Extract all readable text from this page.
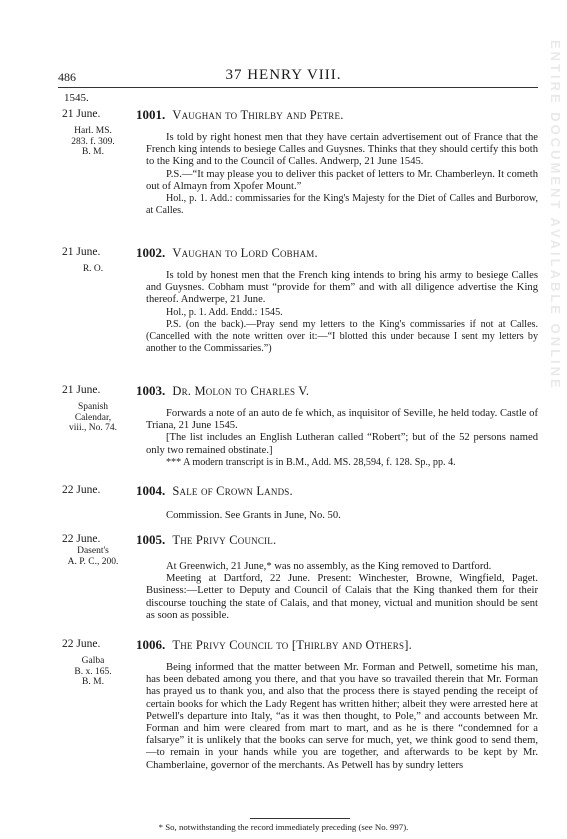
486	37 HENRY VIII.
1545.
21 June.
Harl. MS.
283. f. 309.
B. M.
1001. Vaughan to Thirlby and Petre.

Is told by right honest men that they have certain advertisement out of France that the French king intends to besiege Calles and Guysnes. Thinks that they should certify this both to the King and to the Council of Calles. Andwerp, 21 June 1545.

P.S.—“It may please you to deliver this packet of letters to Mr. Chamberleyn. It cometh out of Almayn from Xpofer Mount.”

Hol., p. 1. Add.: commissaries for the King's Majesty for the Diet of Calles and Burborow, at Calles.

21 June.
R. O.
1002. Vaughan to Lord Cobham.

Is told by honest men that the French king intends to bring his army to besiege Calles and Guysnes. Cobham must “provide for them” and with all diligence advertise the King thereof. Andwerpe, 21 June.

Hol., p. 1. Add. Endd.: 1545.

P.S. (on the back).—Pray send my letters to the King's commissaries if not at Calles. (Cancelled with the note written over it:—“I blotted this under because I sent my letters by another to the Commissaries.”)

21 June.
Spanish
Calendar,
viii., No. 74.
1003. Dr. Molon to Charles V.

Forwards a note of an auto de fe which, as inquisitor of Seville, he held today. Castle of Triana, 21 June 1545.

[The list includes an English Lutheran called “Robert”; but of the 52 persons named only two remained obstinate.]

*** A modern transcript is in B.M., Add. MS. 28,594, f. 128. Sp., pp. 4.

22 June.	1004. Sale of Crown Lands.

Commission. See Grants in June, No. 50.

22 June.
Dasent's
A. P. C., 200.
1005. The Privy Council.

At Greenwich, 21 June,* was no assembly, as the King removed to Dartford.

Meeting at Dartford, 22 June. Present: Winchester, Browne, Wingfield, Paget. Business:—Letter to Deputy and Council of Calais that the King thanked them for their discourse touching the state of Calais, and that money, victual and munition should be sent as soon as possible.

22 June.
Galba
B. x. 165.
B. M.
1006. The Privy Council to [Thirlby and Others].

Being informed that the matter between Mr. Forman and Petwell, sometime his man, has been debated among you there, and that you have so travailed therein that Mr. Forman has prayed us to thank you, and also that the process there is stayed pending the receipt of certain books for which the Lady Regent has written hither; albeit they were arrested here at Petwell's departure into Italy, “as it was then thought, to Pole,” and accounts between Mr. Forman and him were cleared from mart to mart, and as he is there “condemned for a falsarye” it is unlikely that the books can serve for much, yet, we think good to send them,—to remain in your hands while you are together, and afterwards to be kept by Mr. Chamberlaine, governor of the merchants. As Petwell has by sundry letters

* So, notwithstanding the record immediately preceding (see No. 997).
ENTIRE DOCUMENT AVAILABLE ONLINE
